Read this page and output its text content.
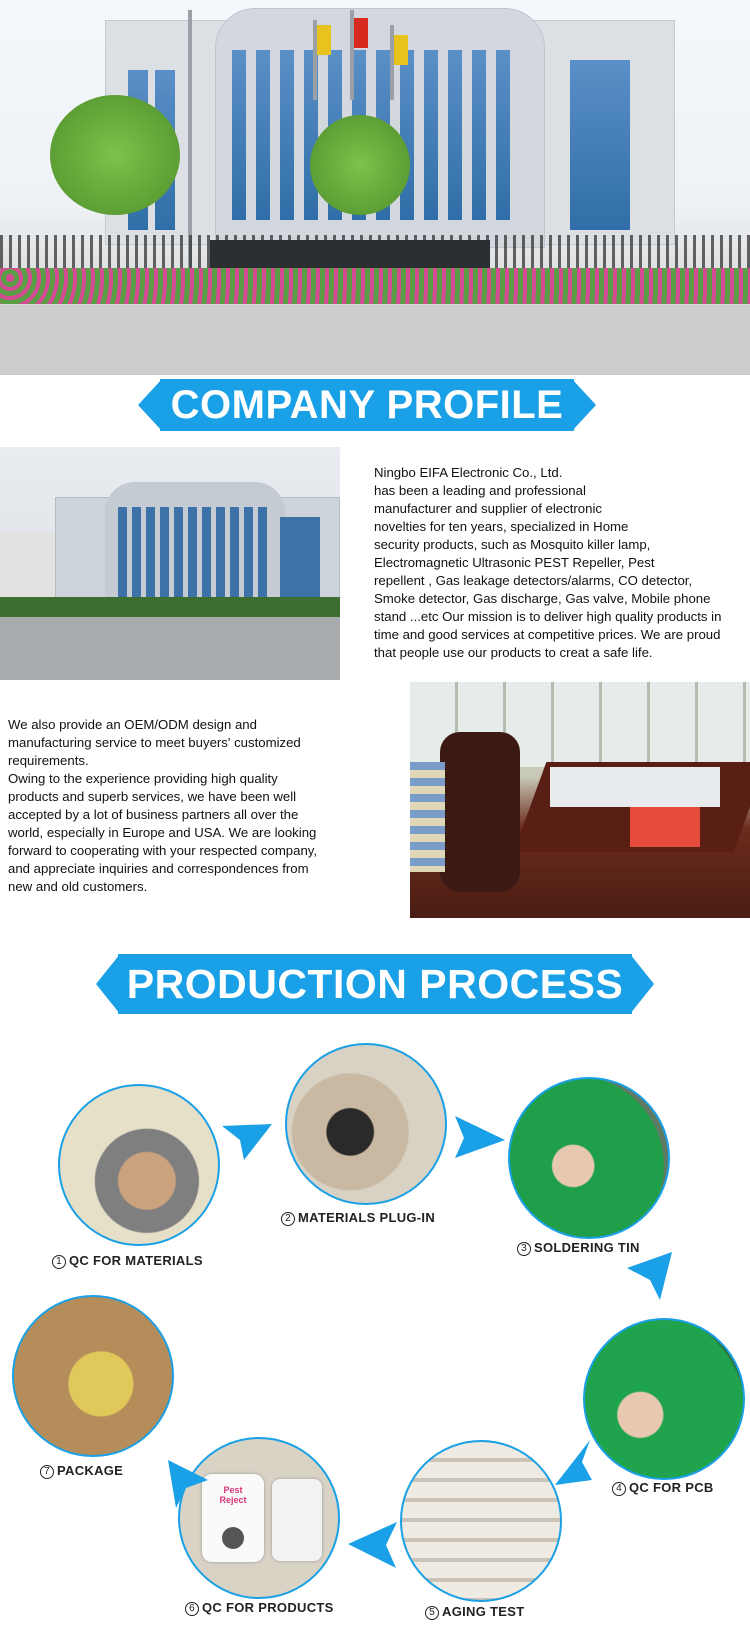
COMPANY PROFILE
Ningbo EIFA Electronic Co., Ltd.
has been a leading and professional
manufacturer and supplier of electronic
novelties for ten years, specialized in Home
security products, such as Mosquito killer lamp,
Electromagnetic Ultrasonic PEST Repeller, Pest
repellent , Gas leakage detectors/alarms, CO detector,
Smoke detector, Gas discharge, Gas valve, Mobile phone
stand ...etc Our mission is to deliver high quality products in
time and good services at competitive prices. We are proud
that people use our products to creat a safe life.
We also provide an OEM/ODM design and
manufacturing service to meet buyers' customized
requirements.
Owing to the experience providing high quality
products and superb services, we have been well
accepted by a lot of business partners all over the
world, especially in Europe and USA. We are looking
forward to cooperating with your respected company,
and appreciate inquiries and correspondences from
new and old customers.
PRODUCTION PROCESS
1 QC FOR MATERIALS
2 MATERIALS PLUG-IN
3 SOLDERING TIN
4 QC FOR PCB
5 AGING TEST
Pest Reject
6 QC FOR PRODUCTS
7 PACKAGE
